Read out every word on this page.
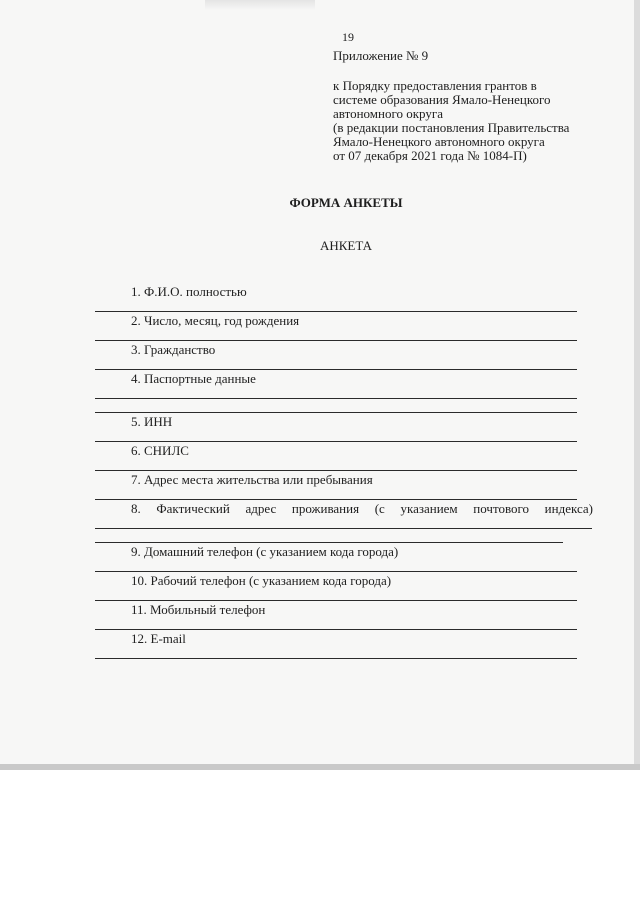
19
Приложение № 9
к Порядку предоставления грантов в
системе образования Ямало-Ненецкого
автономного округа
(в редакции постановления Правительства
Ямало-Ненецкого автономного округа
от 07 декабря 2021 года № 1084-П)
ФОРМА АНКЕТЫ
АНКЕТА
1. Ф.И.О. полностью
2. Число, месяц, год рождения
3. Гражданство
4. Паспортные данные
5. ИНН
6. СНИЛС
7. Адрес места жительства или пребывания
8. Фактический адрес проживания (с указанием почтового индекса)
9. Домашний телефон (с указанием кода города)
10. Рабочий телефон (с указанием кода города)
11. Мобильный телефон
12. E-mail
